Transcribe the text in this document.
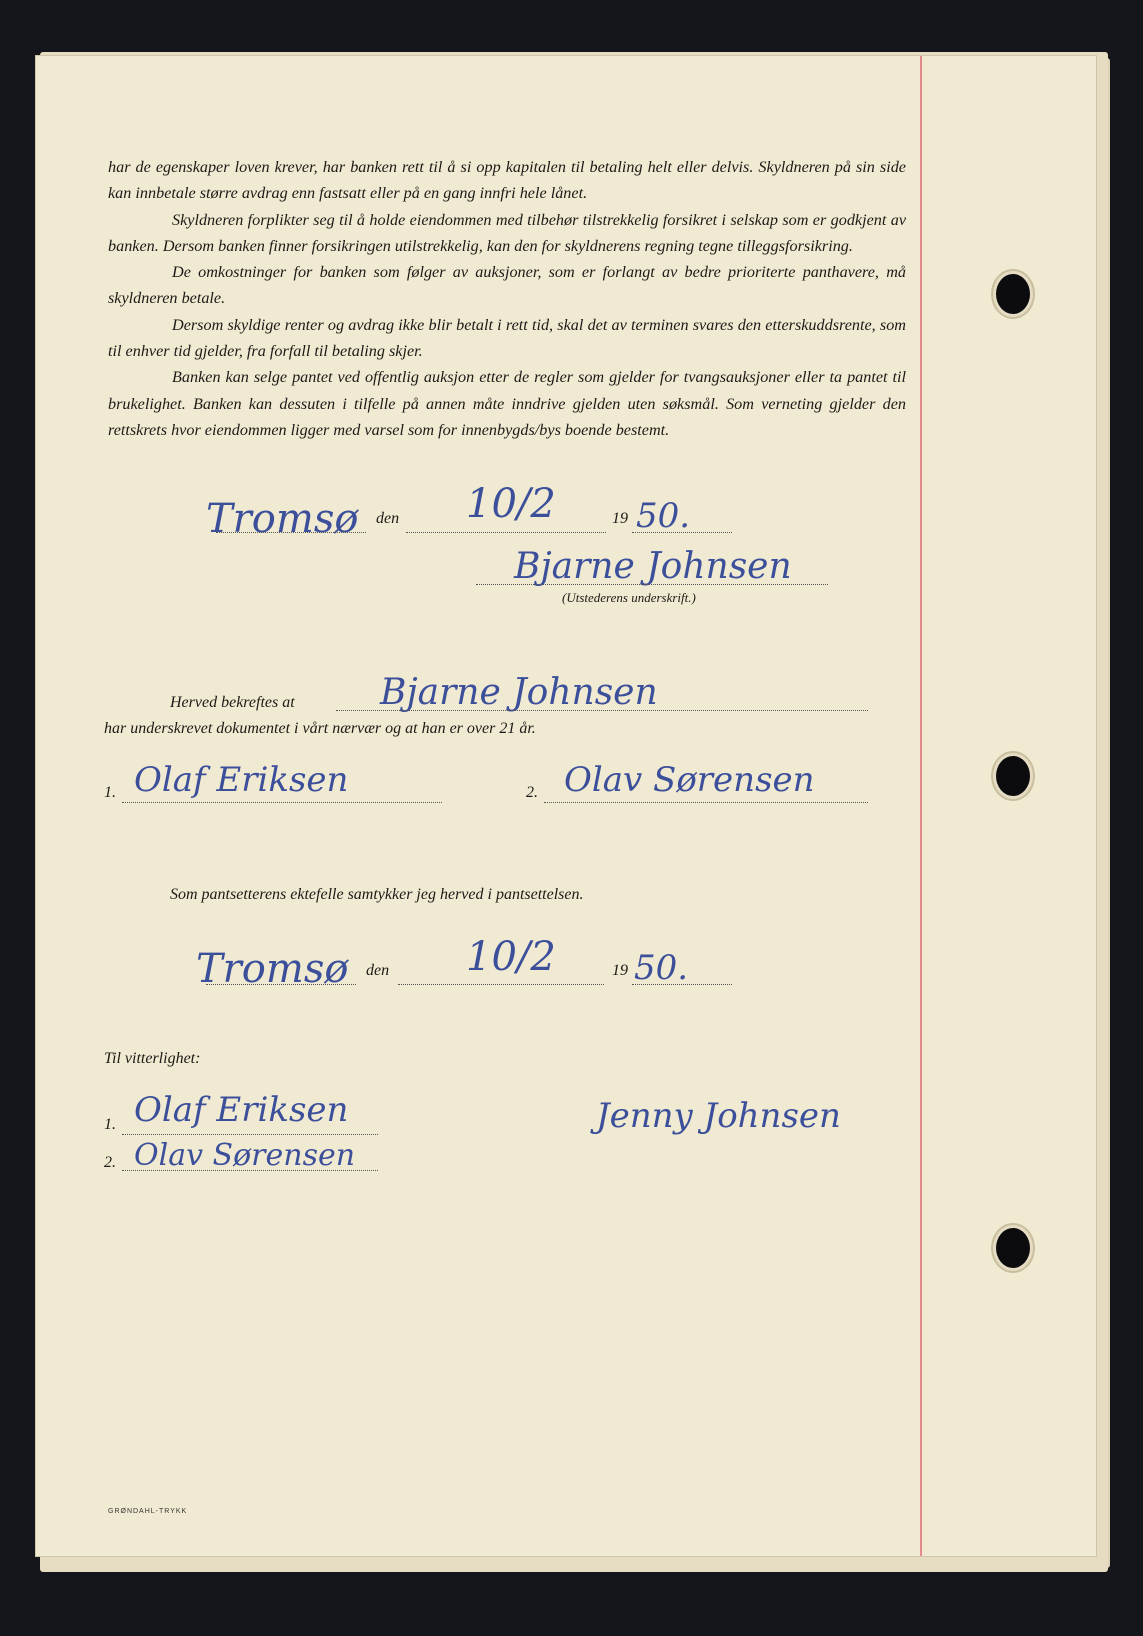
har de egenskaper loven krever, har banken rett til å si opp kapitalen til betaling helt eller delvis. Skyldneren på sin side kan innbetale større avdrag enn fastsatt eller på en gang innfri hele lånet.

Skyldneren forplikter seg til å holde eiendommen med tilbehør tilstrekkelig forsikret i selskap som er godkjent av banken. Dersom banken finner forsikringen utilstrekkelig, kan den for skyldnerens regning tegne tilleggsforsikring.

De omkostninger for banken som følger av auksjoner, som er forlangt av bedre prioriterte panthavere, må skyldneren betale.

Dersom skyldige renter og avdrag ikke blir betalt i rett tid, skal det av terminen svares den etterskuddsrente, som til enhver tid gjelder, fra forfall til betaling skjer.

Banken kan selge pantet ved offentlig auksjon etter de regler som gjelder for tvangsauksjoner eller ta pantet til brukelighet. Banken kan dessuten i tilfelle på annen måte inndrive gjelden uten søksmål. Som verneting gjelder den rettskrets hvor eiendommen ligger med varsel som for innenbygds/bys boende bestemt.

Tromsø den 10/2	19 50.
Bjarne Johnsen
(Utstederens underskrift.)
Herved bekreftes at Bjarne Johnsen
har underskrevet dokumentet i vårt nærvær og at han er over 21 år.
1. Olaf Eriksen	2. Olav Sørensen
Som pantsetterens ektefelle samtykker jeg herved i pantsettelsen.
Tromsø den 10/2	19 50.
Til vitterlighet:
1. Olaf Eriksen
2. Olav Sørensen
Jenny Johnsen
GRØNDAHL-TRYKK
